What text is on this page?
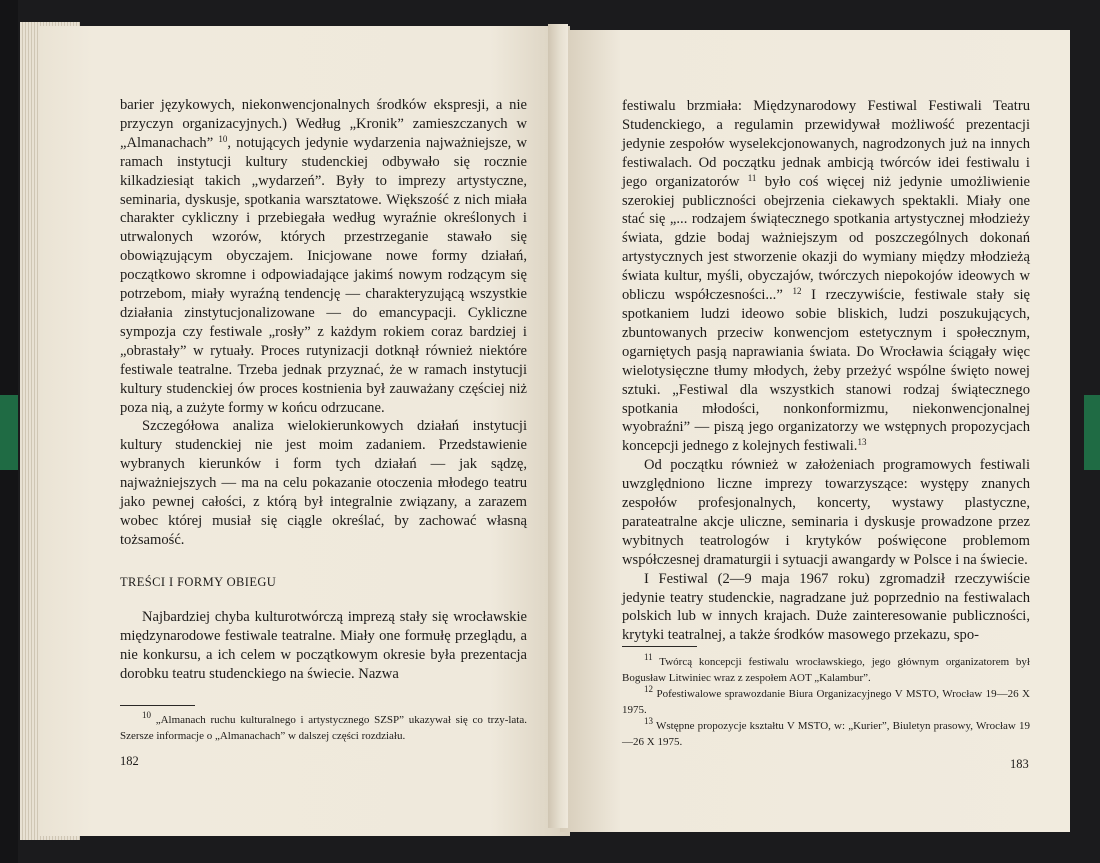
barier językowych, niekonwencjonalnych środków ekspresji, a nie przyczyn organizacyjnych.) Według „Kronik” zamieszczanych w „Almanachach” $^{10}$, notujących jedynie wydarzenia najważniejsze, w ramach instytucji kultury studenckiej odbywało się rocznie kilkadziesiąt takich „wydarzeń”. Były to imprezy artystyczne, seminaria, dyskusje, spotkania warsztatowe. Większość z nich miała charakter cykliczny i przebiegała według wyraźnie określonych i utrwalonych wzorów, których przestrzeganie stawało się obowiązującym obyczajem. Inicjowane nowe formy działań, początkowo skromne i odpowiadające jakimś nowym rodzącym się potrzebom, miały wyraźną tendencję — charakteryzującą wszystkie działania zinstytucjonalizowane — do emancypacji. Cykliczne sympozja czy festiwale „rosły” z każdym rokiem coraz bardziej i „obrastały” w rytuały. Proces rutynizacji dotknął również niektóre festiwale teatralne. Trzeba jednak przyznać, że w ramach instytucji kultury studenckiej ów proces kostnienia był zauważany częściej niż poza nią, a zużyte formy w końcu odrzucane.

Szczegółowa analiza wielokierunkowych działań instytucji kultury studenckiej nie jest moim zadaniem. Przedstawienie wybranych kierunków i form tych działań — jak sądzę, najważniejszych — ma na celu pokazanie otoczenia młodego teatru jako pewnej całości, z którą był integralnie związany, a zarazem wobec której musiał się ciągle określać, by zachować własną tożsamość.

TREŚCI I FORMY OBIEGU

Najbardziej chyba kulturotwórczą imprezą stały się wrocławskie międzynarodowe festiwale teatralne. Miały one formułę przeglądu, a nie konkursu, a ich celem w początkowym okresie była prezentacja dorobku teatru studenckiego na świecie. Nazwa

$^{10}$ „Almanach ruchu kulturalnego i artystycznego SZSP” ukazywał się co trzy-lata. Szersze informacje o „Almanachach” w dalszej części rozdziału.

182

festiwalu brzmiała: Międzynarodowy Festiwal Festiwali Teatru Studenckiego, a regulamin przewidywał możliwość prezentacji jedynie zespołów wyselekcjonowanych, nagrodzonych już na innych festiwalach. Od początku jednak ambicją twórców idei festiwalu i jego organizatorów $^{11}$ było coś więcej niż jedynie umożliwienie szerokiej publiczności obejrzenia ciekawych spektakli. Miały one stać się „... rodzajem świątecznego spotkania artystycznej młodzieży świata, gdzie bodaj ważniejszym od poszczególnych dokonań artystycznych jest stworzenie okazji do wymiany między młodzieżą świata kultur, myśli, obyczajów, twórczych niepokojów ideowych w obliczu współczesności...” $^{12}$ I rzeczywiście, festiwale stały się spotkaniem ludzi ideowo sobie bliskich, ludzi poszukujących, zbuntowanych przeciw konwencjom estetycznym i społecznym, ogarniętych pasją naprawiania świata. Do Wrocławia ściągały więc wielotysięczne tłumy młodych, żeby przeżyć wspólne święto nowej sztuki. „Festiwal dla wszystkich stanowi rodzaj świątecznego spotkania młodości, nonkonformizmu, niekonwencjonalnej wyobraźni” — piszą jego organizatorzy we wstępnych propozycjach koncepcji jednego z kolejnych festiwali.$^{13}$

Od początku również w założeniach programowych festiwali uwzględniono liczne imprezy towarzyszące: występy znanych zespołów profesjonalnych, koncerty, wystawy plastyczne, parateatralne akcje uliczne, seminaria i dyskusje prowadzone przez wybitnych teatrologów i krytyków poświęcone problemom współczesnej dramaturgii i sytuacji awangardy w Polsce i na świecie.

I Festiwal (2—9 maja 1967 roku) zgromadził rzeczywiście jedynie teatry studenckie, nagradzane już poprzednio na festiwalach polskich lub w innych krajach. Duże zainteresowanie publiczności, krytyki teatralnej, a także środków masowego przekazu, spo-

$^{11}$ Twórcą koncepcji festiwalu wrocławskiego, jego głównym organizatorem był Bogusław Litwiniec wraz z zespołem AOT „Kalambur”.

$^{12}$ Pofestiwalowe sprawozdanie Biura Organizacyjnego V MSTO, Wrocław 19—26 X 1975.

$^{13}$ Wstępne propozycje kształtu V MSTO, w: „Kurier”, Biuletyn prasowy, Wrocław 19—26 X 1975.

183
